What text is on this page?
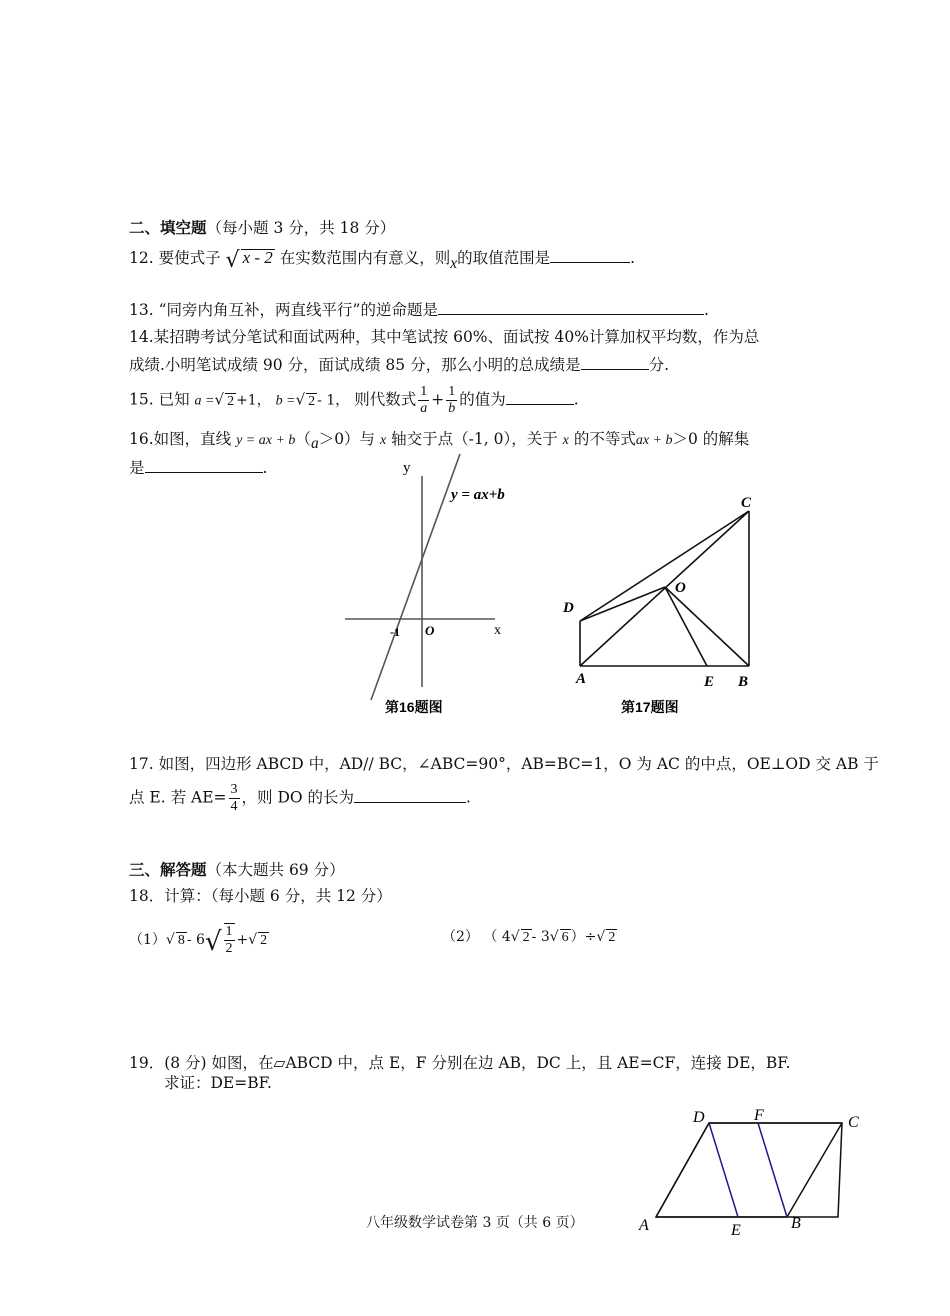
二、填空题（每小题 3 分，共 18 分）
12. 要使式子 √ x - 2 在实数范围内有意义，则x的取值范围是	.
13. “同旁内角互补，两直线平行”的逆命题是	.
14.某招聘考试分笔试和面试两种，其中笔试按 60%、面试按 40%计算加权平均数，作为总
成绩.小明笔试成绩 90 分，面试成绩 85 分，那么小明的总成绩是	分.
15. 已知 a =√ 2 +1， b =√ 2 - 1， 则代数式 $\frac{1}{a} + \frac{1}{b}$ 的值为	.
16.如图，直线 y = ax + b（a＞0）与 x 轴交于点（-1, 0），关于 x 的不等式ax + b＞0 的解集
是	.	y
x
O
-1
y = ax+b
第16题图
C
D
O
A	E B
第17题图
17. 如图，四边形 ABCD 中，AD// BC，∠ABC=90°，AB=BC=1，O 为 AC 的中点，OE⊥OD 交 AB 于
点 E. 若 $AE= \frac{3}{4}$ ，则 DO 的长为	.
三、解答题（本大题共 69 分）
18．计算：（每小题 6 分，共 12 分）
（1）√ $8 - 6√ \frac{1}{2}$ +√ 2	（2） （ 4√ 2 - 3√ 6 ）÷√ 2
19．(8 分) 如图，在▱ABCD 中，点 E，F 分别在边 AB，DC 上，且 AE=CF，连接 DE，BF.
求证：DE=BF.
D	F	C
A	E	B
八年级数学试卷第 3 页（共 6 页）
